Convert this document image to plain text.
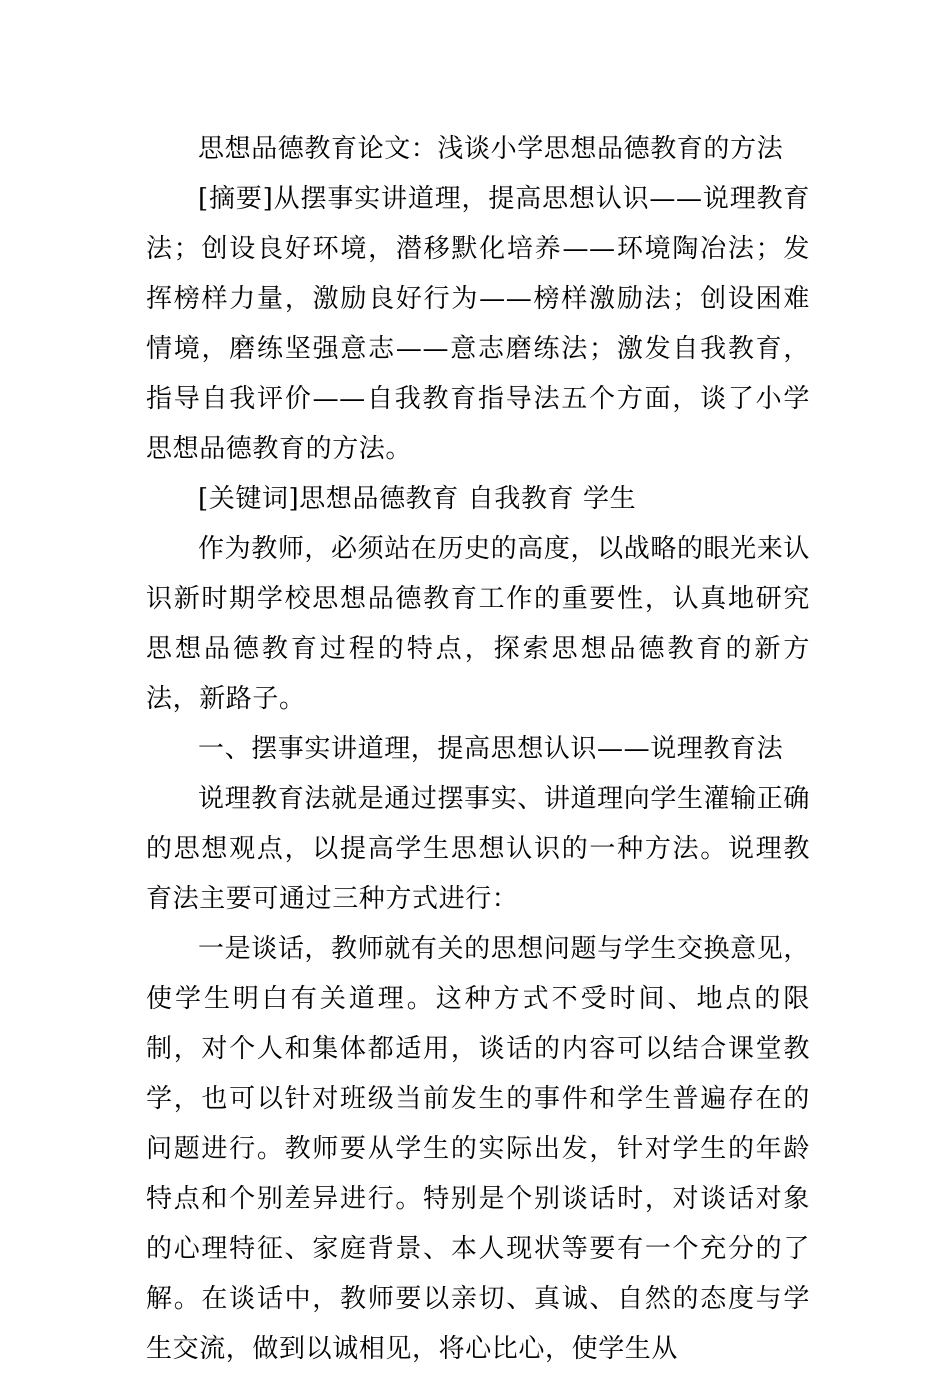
思想品德教育论文：浅谈小学思想品德教育的方法

[摘要]从摆事实讲道理，提高思想认识——说理教育法；创设良好环境，潜移默化培养——环境陶冶法；发挥榜样力量，激励良好行为——榜样激励法；创设困难情境，磨练坚强意志——意志磨练法；激发自我教育，指导自我评价——自我教育指导法五个方面，谈了小学思想品德教育的方法。

[关键词]思想品德教育 自我教育 学生

作为教师，必须站在历史的高度，以战略的眼光来认识新时期学校思想品德教育工作的重要性，认真地研究思想品德教育过程的特点，探索思想品德教育的新方法，新路子。

一、摆事实讲道理，提高思想认识——说理教育法

说理教育法就是通过摆事实、讲道理向学生灌输正确的思想观点，以提高学生思想认识的一种方法。说理教育法主要可通过三种方式进行：

一是谈话，教师就有关的思想问题与学生交换意见，使学生明白有关道理。这种方式不受时间、地点的限制，对个人和集体都适用，谈话的内容可以结合课堂教学，也可以针对班级当前发生的事件和学生普遍存在的问题进行。教师要从学生的实际出发，针对学生的年龄特点和个别差异进行。特别是个别谈话时，对谈话对象的心理特征、家庭背景、本人现状等要有一个充分的了解。在谈话中，教师要以亲切、真诚、自然的态度与学生交流，做到以诚相见，将心比心，使学生从
